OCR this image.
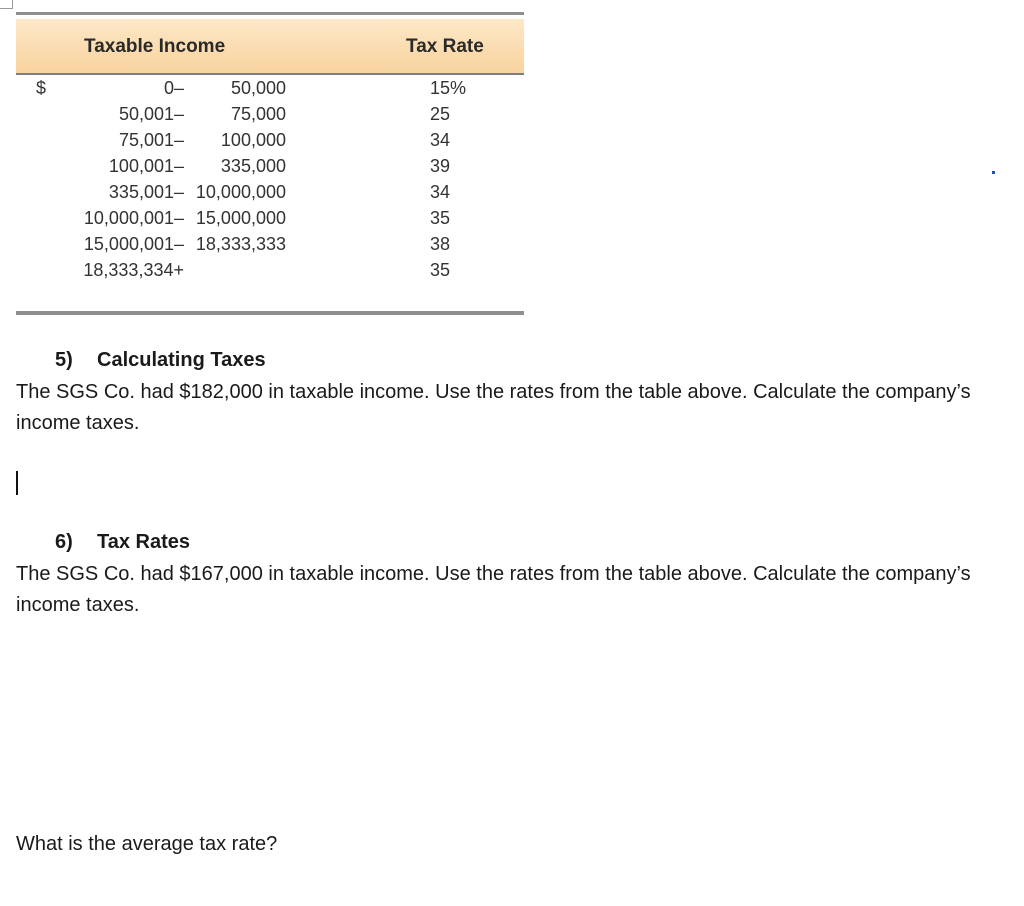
Taxable Income	Tax Rate
$	0 –	50,000	15%
50,001 –	75,000	25
75,001 – 100,000	34
100,001 – 335,000	39
335,001 – 10,000,000	34
10,000,001 – 15,000,000	35
15,000,001 – 18,333,333	38
18,333,334+	35
5) Calculating Taxes
The SGS Co. had $182,000 in taxable income. Use the rates from the table above. Calculate the company’s income taxes.
6) Tax Rates
The SGS Co. had $167,000 in taxable income. Use the rates from the table above. Calculate the company’s income taxes.
What is the average tax rate?
